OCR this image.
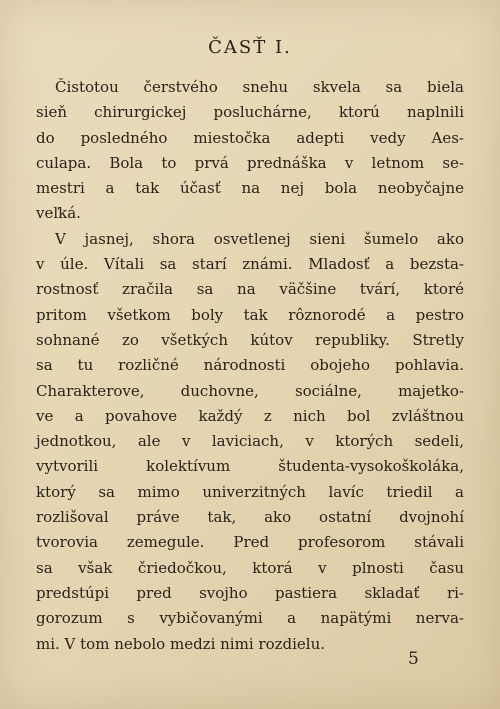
ČASŤ I.

Čistotou čerstvého snehu skvela sa biela
sieň chirurgickej posluchárne, ktorú naplnili
do posledného miestočka adepti vedy Aes-
culapa. Bola to prvá prednáška v letnom se-
mestri a tak účasť na nej bola neobyčajne
veľká.

V jasnej, shora osvetlenej sieni šumelo ako
v úle. Vítali sa starí známi. Mladosť a bezsta-
rostnosť zračila sa na väčšine tvárí, ktoré
pritom všetkom boly tak rôznorodé a pestro
sohnané zo všetkých kútov republiky. Stretly
sa tu rozličné národnosti obojeho pohlavia.
Charakterove, duchovne, sociálne, majetko-
ve a povahove každý z nich bol zvláštnou
jednotkou, ale v laviciach, v ktorých sedeli,
vytvorili kolektívum študenta-vysokoškoláka,
ktorý sa mimo univerzitných lavíc triedil a
rozlišoval práve tak, ako ostatní dvojnohí
tvorovia zemegule. Pred profesorom stávali
sa však čriedočkou, ktorá v plnosti času
predstúpi pred svojho pastiera skladať ri-
gorozum s vybičovanými a napätými nerva-
mi. V tom nebolo medzi nimi rozdielu.

5
